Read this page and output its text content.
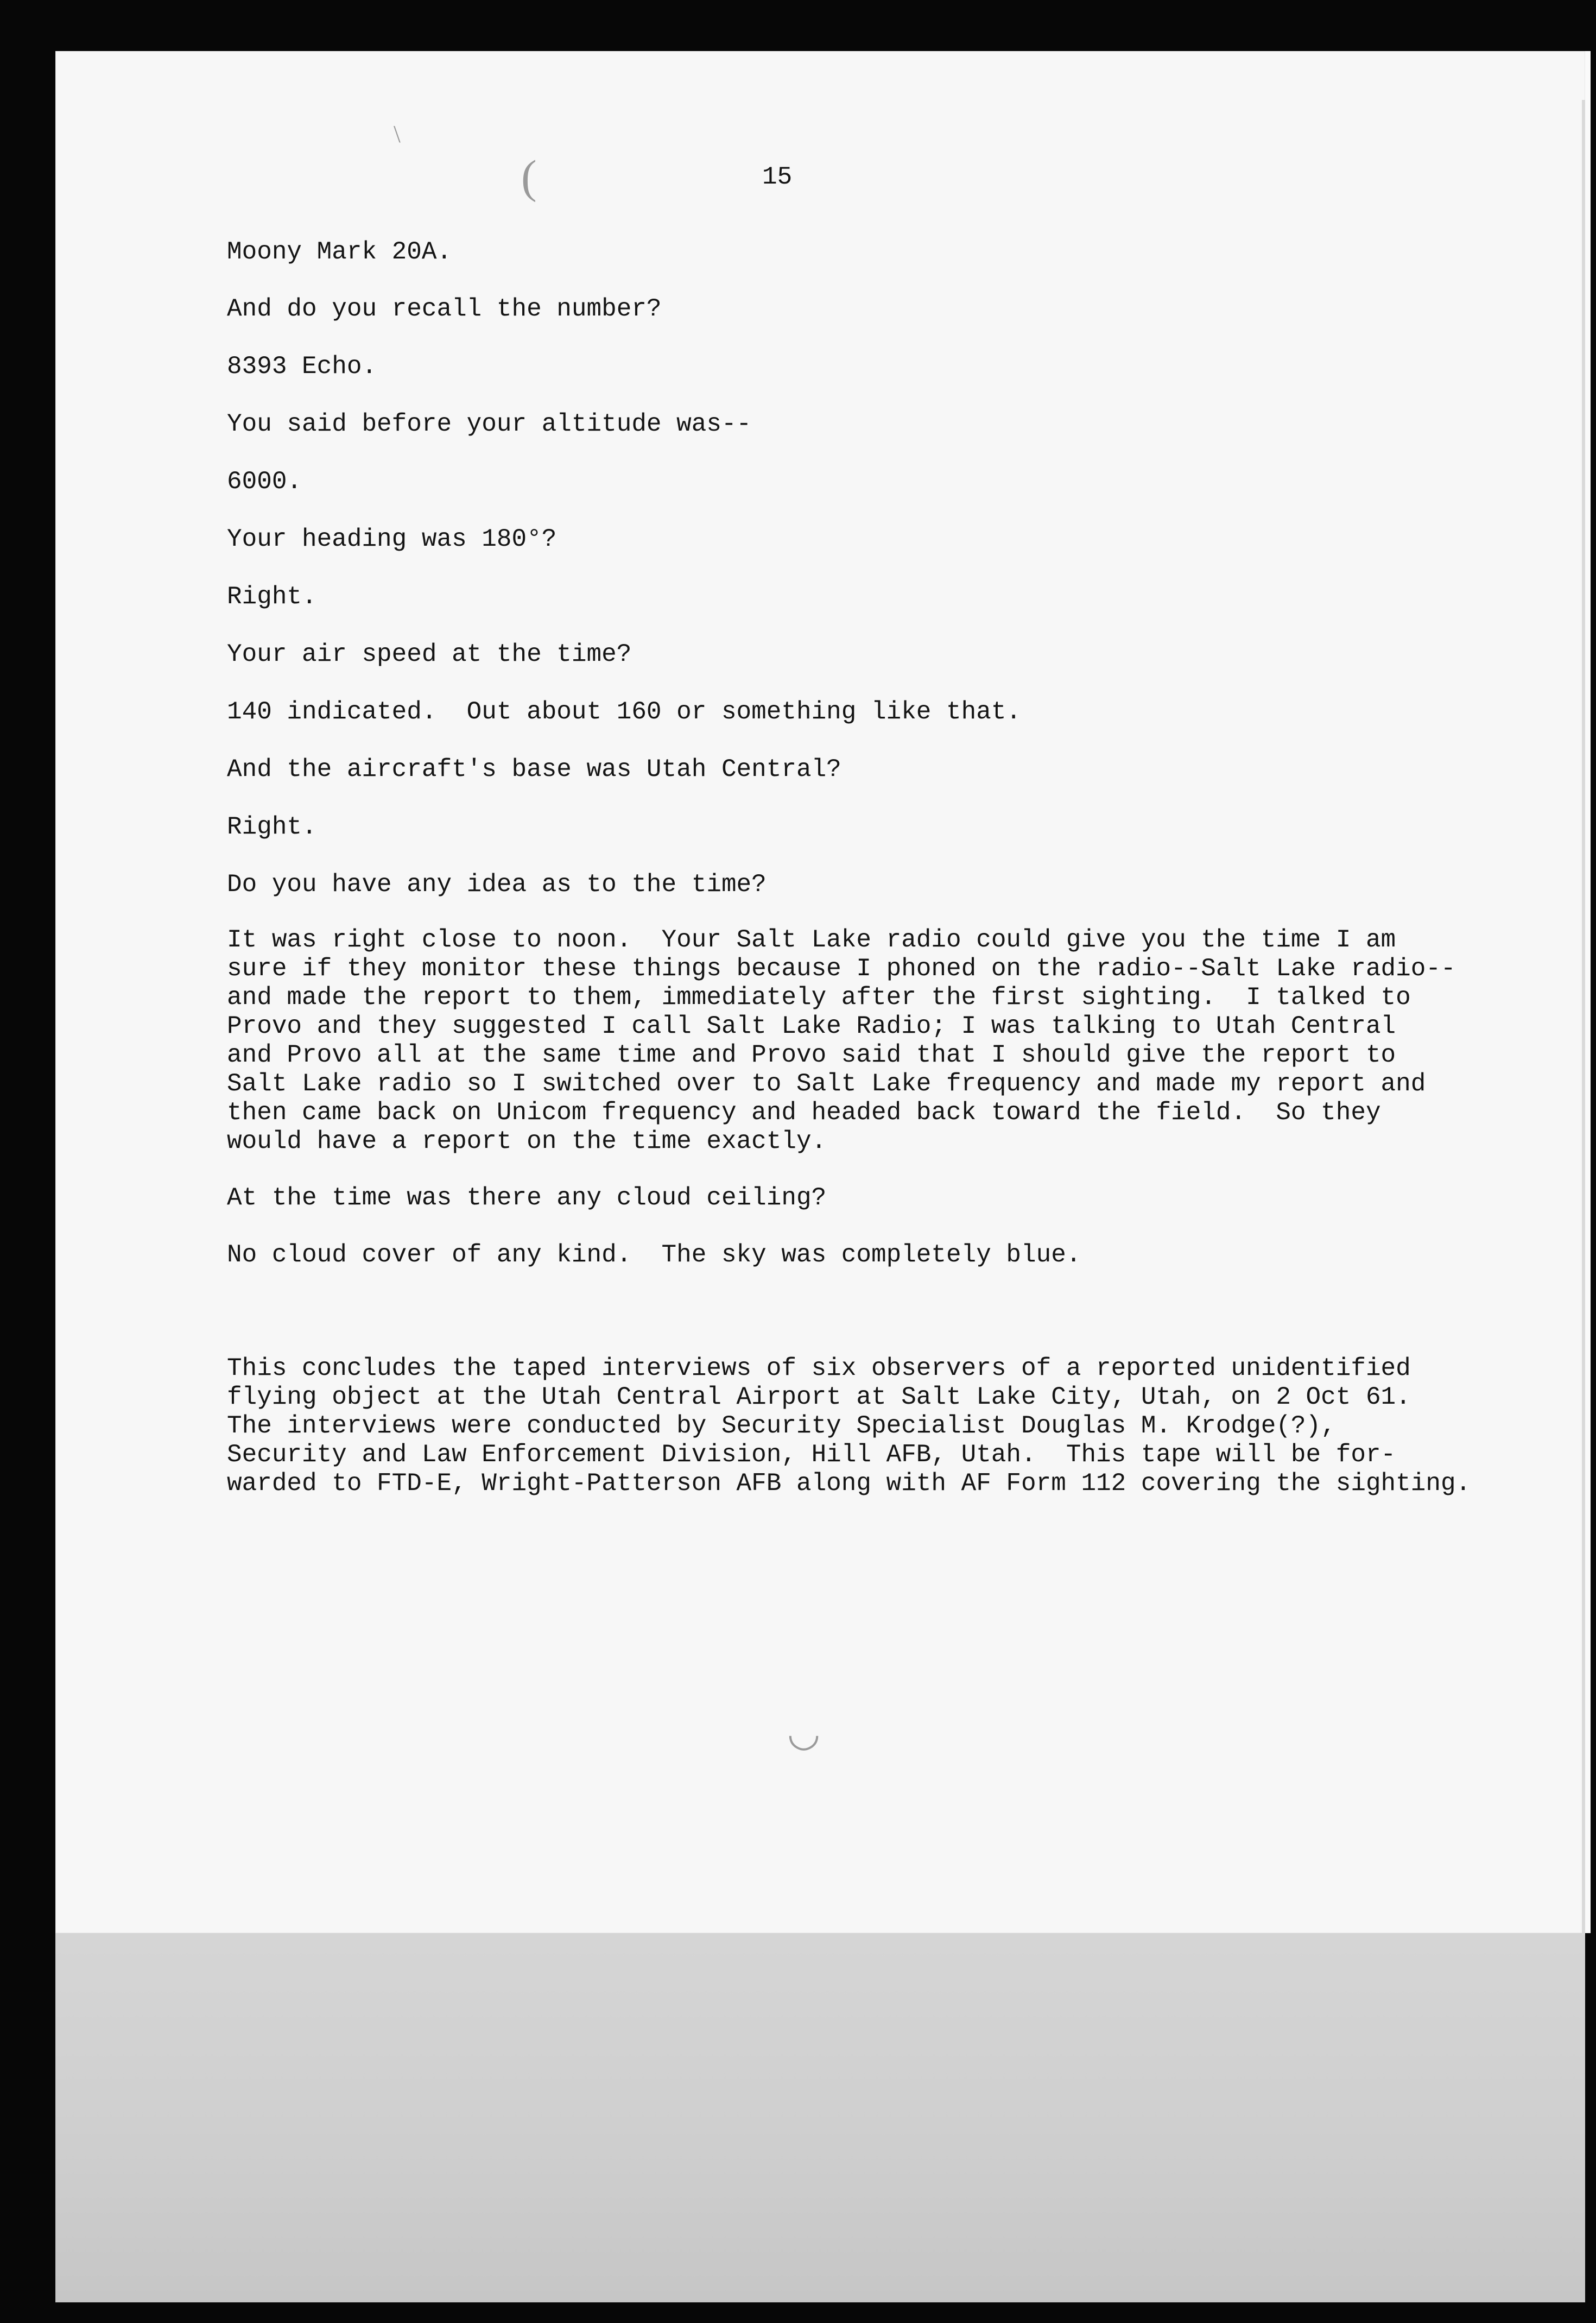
15
Moony Mark 20A.
And do you recall the number?
8393 Echo.
You said before your altitude was--
6000.
Your heading was 180°?
Right.
Your air speed at the time?
140 indicated.  Out about 160 or something like that.
And the aircraft's base was Utah Central?
Right.
Do you have any idea as to the time?

It was right close to noon.  Your Salt Lake radio could give you the time I am
sure if they monitor these things because I phoned on the radio--Salt Lake radio--
and made the report to them, immediately after the first sighting.  I talked to
Provo and they suggested I call Salt Lake Radio; I was talking to Utah Central
and Provo all at the same time and Provo said that I should give the report to
Salt Lake radio so I switched over to Salt Lake frequency and made my report and
then came back on Unicom frequency and headed back toward the field.  So they
would have a report on the time exactly.

At the time was there any cloud ceiling?
No cloud cover of any kind.  The sky was completely blue.

This concludes the taped interviews of six observers of a reported unidentified
flying object at the Utah Central Airport at Salt Lake City, Utah, on 2 Oct 61.
The interviews were conducted by Security Specialist Douglas M. Krodge(?),
Security and Law Enforcement Division, Hill AFB, Utah.  This tape will be for-
warded to FTD-E, Wright-Patterson AFB along with AF Form 112 covering the sighting.

\
(
◡
